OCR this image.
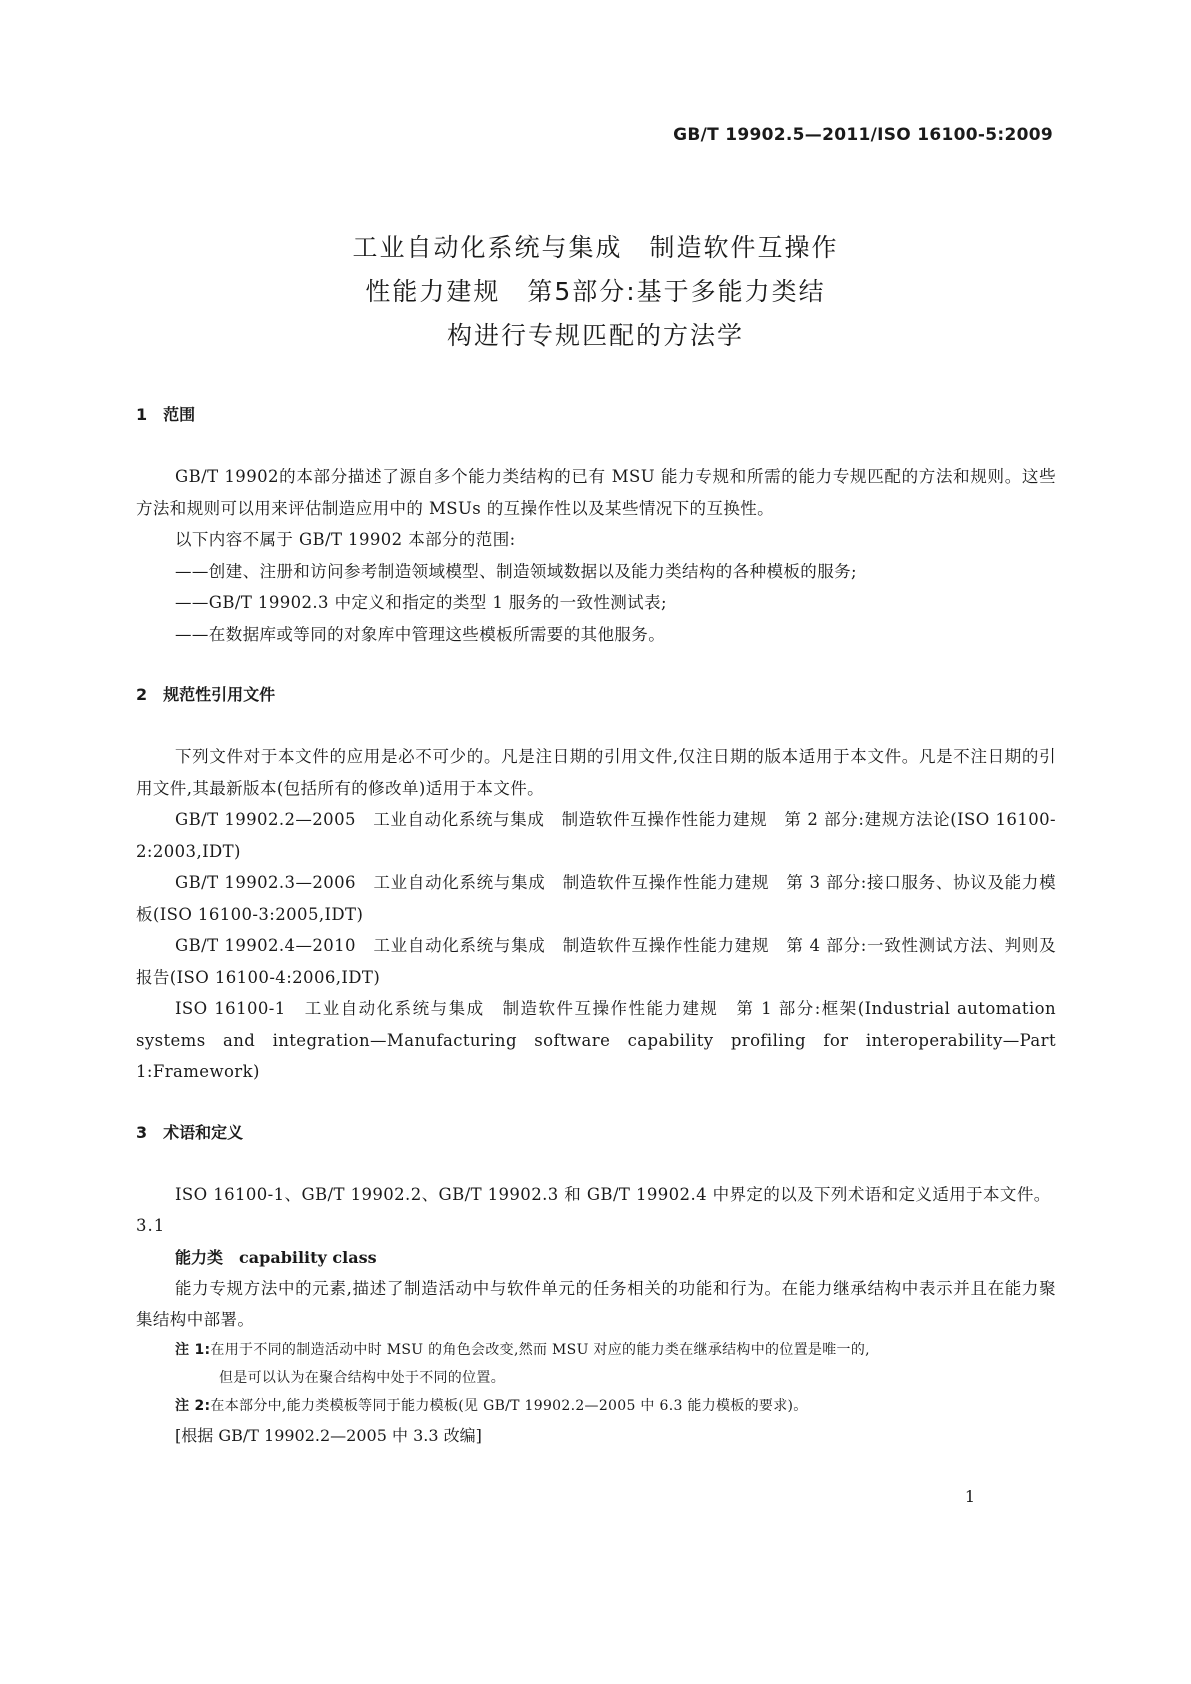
GB/T 19902.5—2011/ISO 16100-5:2009
工业自动化系统与集成　制造软件互操作
性能力建规　第5部分:基于多能力类结
构进行专规匹配的方法学
1　范围

GB/T 19902的本部分描述了源自多个能力类结构的已有 MSU 能力专规和所需的能力专规匹配的方法和规则。这些方法和规则可以用来评估制造应用中的 MSUs 的互操作性以及某些情况下的互换性。

以下内容不属于 GB/T 19902 本部分的范围:

——创建、注册和访问参考制造领域模型、制造领域数据以及能力类结构的各种模板的服务;

——GB/T 19902.3 中定义和指定的类型 1 服务的一致性测试表;

——在数据库或等同的对象库中管理这些模板所需要的其他服务。

2　规范性引用文件

下列文件对于本文件的应用是必不可少的。凡是注日期的引用文件,仅注日期的版本适用于本文件。凡是不注日期的引用文件,其最新版本(包括所有的修改单)适用于本文件。

GB/T 19902.2—2005　工业自动化系统与集成　制造软件互操作性能力建规　第 2 部分:建规方法论(ISO 16100-2:2003,IDT)

GB/T 19902.3—2006　工业自动化系统与集成　制造软件互操作性能力建规　第 3 部分:接口服务、协议及能力模板(ISO 16100-3:2005,IDT)

GB/T 19902.4—2010　工业自动化系统与集成　制造软件互操作性能力建规　第 4 部分:一致性测试方法、判则及报告(ISO 16100-4:2006,IDT)

ISO 16100-1　工业自动化系统与集成　制造软件互操作性能力建规　第 1 部分:框架(Industrial automation systems and integration—Manufacturing software capability profiling for interoperability—Part 1:Framework)

3　术语和定义

ISO 16100-1、GB/T 19902.2、GB/T 19902.3 和 GB/T 19902.4 中界定的以及下列术语和定义适用于本文件。

3.1
能力类　 capability class

能力专规方法中的元素,描述了制造活动中与软件单元的任务相关的功能和行为。在能力继承结构中表示并且在能力聚集结构中部署。

注 1:在用于不同的制造活动中时 MSU 的角色会改变,然而 MSU 对应的能力类在继承结构中的位置是唯一的,
但是可以认为在聚合结构中处于不同的位置。
注 2:在本部分中,能力类模板等同于能力模板(见 GB/T 19902.2—2005 中 6.3 能力模板的要求)。
[根据 GB/T 19902.2—2005 中 3.3 改编]
1
